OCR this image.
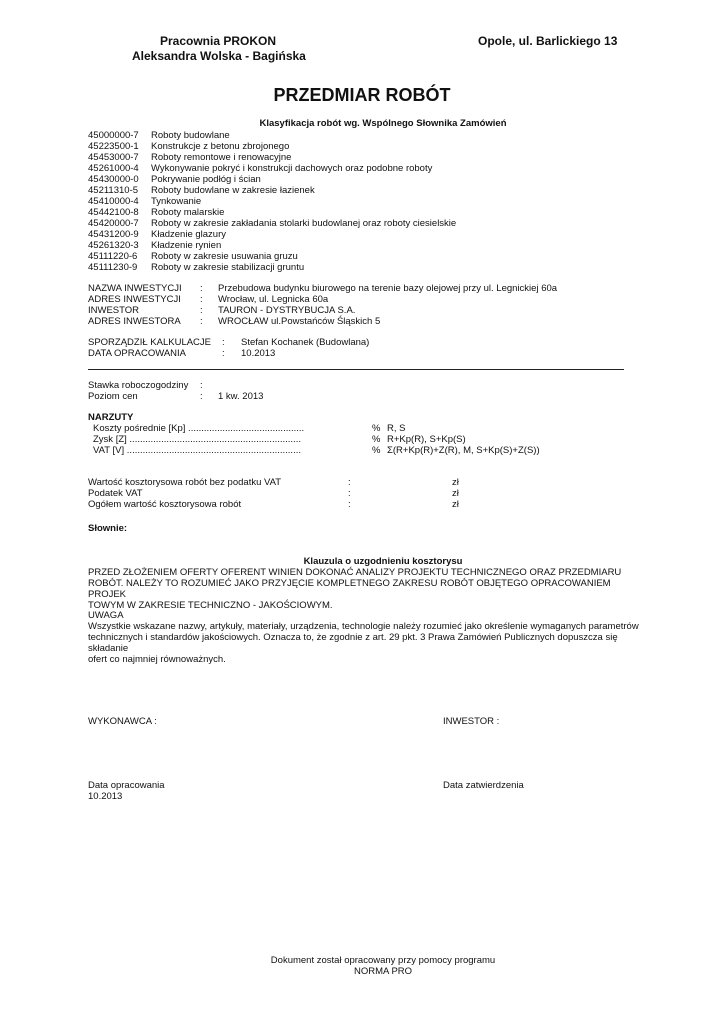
Pracownia PROKON
Aleksandra Wolska - Bagińska
Opole, ul. Barlickiego 13
PRZEDMIAR ROBÓT
Klasyfikacja robót wg. Wspólnego Słownika Zamówień
45000000-7 Roboty budowlane
45223500-1 Konstrukcje z betonu zbrojonego
45453000-7 Roboty remontowe i renowacyjne
45261000-4 Wykonywanie pokryć i konstrukcji dachowych oraz podobne roboty
45430000-0 Pokrywanie podłóg i ścian
45211310-5 Roboty budowlane w zakresie łazienek
45410000-4 Tynkowanie
45442100-8 Roboty malarskie
45420000-7 Roboty w zakresie zakładania stolarki budowlanej oraz roboty ciesielskie
45431200-9 Kładzenie glazury
45261320-3 Kładzenie rynien
45111220-6 Roboty w zakresie usuwania gruzu
45111230-9 Roboty w zakresie stabilizacji gruntu
NAZWA INWESTYCJI : Przebudowa budynku biurowego na terenie bazy olejowej przy ul. Legnickiej 60a
ADRES INWESTYCJI : Wrocław, ul. Legnicka 60a
INWESTOR	: TAURON - DYSTRYBUCJA S.A.
ADRES INWESTORA : WROCŁAW ul.Powstańców Śląskich 5
SPORZĄDZIŁ KALKULACJE : Stefan Kochanek (Budowlana)
DATA OPRACOWANIA	: 10.2013
Stawka roboczogodziny :
Poziom cen	: 1 kw. 2013
NARZUTY
Koszty pośrednie [Kp] ............................................	% R, S
Zysk [Z] .................................................................	% R+Kp(R), S+Kp(S)
VAT [V] ..................................................................	% Σ(R+Kp(R)+Z(R), M, S+Kp(S)+Z(S))
Wartość kosztorysowa robót bez podatku VAT	:	zł
Podatek VAT	:	zł
Ogółem wartość kosztorysowa robót	:	zł
Słownie:
Klauzula o uzgodnieniu kosztorysu
PRZED ZŁOŻENIEM OFERTY OFERENT WINIEN DOKONAĆ ANALIZY PROJEKTU TECHNICZNEGO ORAZ PRZEDMIARU
ROBÓT. NALEŻY TO ROZUMIEĆ JAKO PRZYJĘCIE KOMPLETNEGO ZAKRESU ROBÓT OBJĘTEGO OPRACOWANIEM PROJEK
TOWYM W ZAKRESIE TECHNICZNO - JAKOŚCIOWYM.
UWAGA
Wszystkie wskazane nazwy, artykuły, materiały, urządzenia, technologie należy rozumieć jako określenie wymaganych parametrów
technicznych i standardów jakościowych. Oznacza to, że zgodnie z art. 29 pkt. 3 Prawa Zamówień Publicznych dopuszcza się składanie
ofert co najmniej równoważnych.
WYKONAWCA :	INWESTOR :
Data opracowania
10.2013
Data zatwierdzenia
Dokument został opracowany przy pomocy programu
NORMA PRO
